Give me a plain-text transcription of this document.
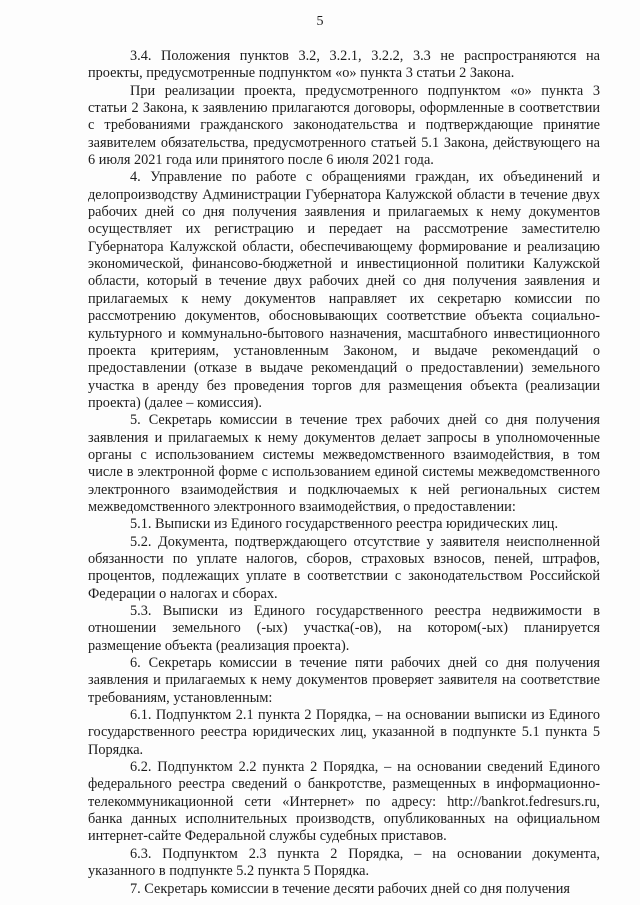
5

3.4. Положения пунктов 3.2, 3.2.1, 3.2.2, 3.3 не распространяются на проекты, предусмотренные подпунктом «о» пункта 3 статьи 2 Закона.

При реализации проекта, предусмотренного подпунктом «о» пункта 3 статьи 2 Закона, к заявлению прилагаются договоры, оформленные в соответствии с требованиями гражданского законодательства и подтверждающие принятие заявителем обязательства, предусмотренного статьей 5.1 Закона, действующего на 6 июля 2021 года или принятого после 6 июля 2021 года.

4. Управление по работе с обращениями граждан, их объединений и делопроизводству Администрации Губернатора Калужской области в течение двух рабочих дней со дня получения заявления и прилагаемых к нему документов осуществляет их регистрацию и передает на рассмотрение заместителю Губернатора Калужской области, обеспечивающему формирование и реализацию экономической, финансово-бюджетной и инвестиционной политики Калужской области, который в течение двух рабочих дней со дня получения заявления и прилагаемых к нему документов направляет их секретарю комиссии по рассмотрению документов, обосновывающих соответствие объекта социально-культурного и коммунально-бытового назначения, масштабного инвестиционного проекта критериям, установленным Законом, и выдаче рекомендаций о предоставлении (отказе в выдаче рекомендаций о предоставлении) земельного участка в аренду без проведения торгов для размещения объекта (реализации проекта) (далее – комиссия).

5. Секретарь комиссии в течение трех рабочих дней со дня получения заявления и прилагаемых к нему документов делает запросы в уполномоченные органы с использованием системы межведомственного взаимодействия, в том числе в электронной форме с использованием единой системы межведомственного электронного взаимодействия и подключаемых к ней региональных систем межведомственного электронного взаимодействия, о предоставлении:

5.1. Выписки из Единого государственного реестра юридических лиц.

5.2. Документа, подтверждающего отсутствие у заявителя неисполненной обязанности по уплате налогов, сборов, страховых взносов, пеней, штрафов, процентов, подлежащих уплате в соответствии с законодательством Российской Федерации о налогах и сборах.

5.3. Выписки из Единого государственного реестра недвижимости в отношении земельного (-ых) участка(-ов), на котором(-ых) планируется размещение объекта (реализация проекта).

6. Секретарь комиссии в течение пяти рабочих дней со дня получения заявления и прилагаемых к нему документов проверяет заявителя на соответствие требованиям, установленным:

6.1. Подпунктом 2.1 пункта 2 Порядка, – на основании выписки из Единого государственного реестра юридических лиц, указанной в подпункте 5.1 пункта 5 Порядка.

6.2. Подпунктом 2.2 пункта 2 Порядка, – на основании сведений Единого федерального реестра сведений о банкротстве, размещенных в информационно-телекоммуникационной сети «Интернет» по адресу: http://bankrot.fedresurs.ru, банка данных исполнительных производств, опубликованных на официальном интернет-сайте Федеральной службы судебных приставов.

6.3. Подпунктом 2.3 пункта 2 Порядка, – на основании документа, указанного в подпункте 5.2 пункта 5 Порядка.

7. Секретарь комиссии в течение десяти рабочих дней со дня получения
